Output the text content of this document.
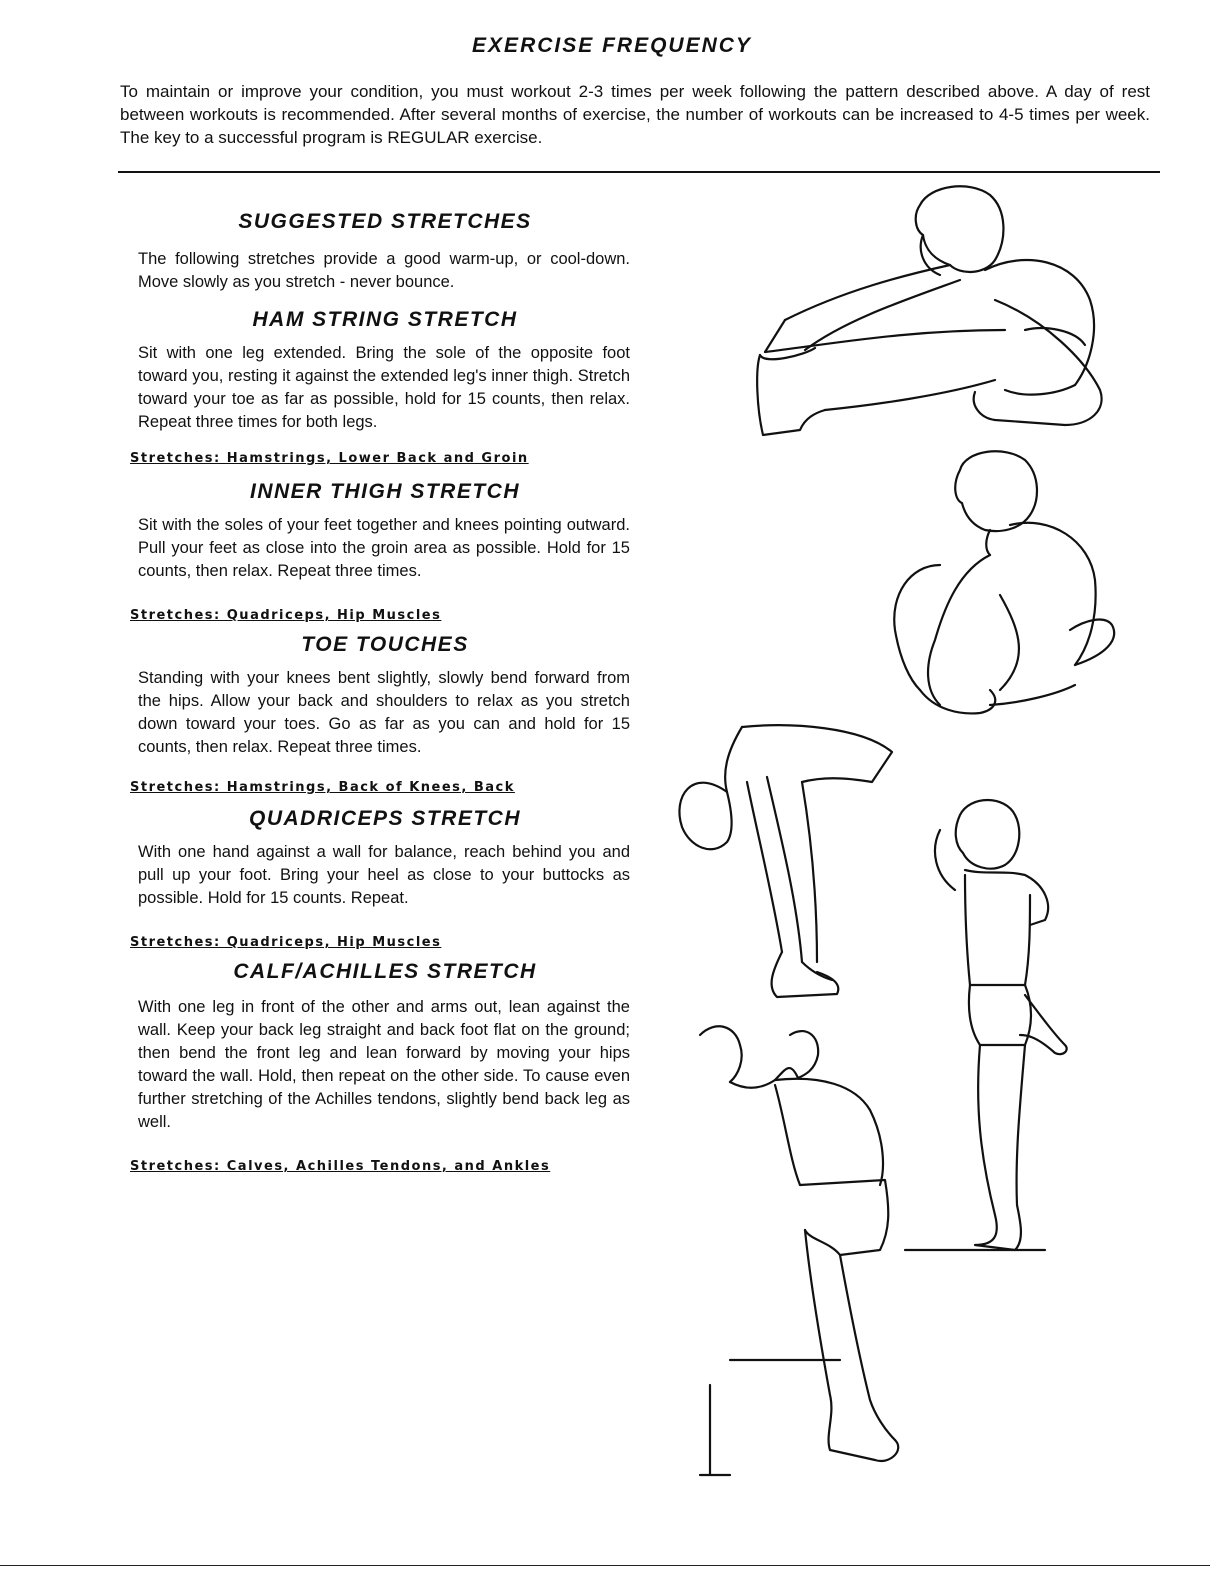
EXERCISE FREQUENCY

To maintain or improve your condition, you must workout 2-3 times per week following the pattern described above. A day of rest between workouts is recommended. After several months of exercise, the number of workouts can be increased to 4-5 times per week. The key to a successful program is REGULAR exercise.

SUGGESTED STRETCHES

The following stretches provide a good warm-up, or cool-down. Move slowly as you stretch - never bounce.

HAM STRING STRETCH

Sit with one leg extended. Bring the sole of the opposite foot toward you, resting it against the extended leg's inner thigh. Stretch toward your toe as far as possible, hold for 15 counts, then relax. Repeat three times for both legs.

Stretches: Hamstrings, Lower Back and Groin

INNER THIGH STRETCH

Sit with the soles of your feet together and knees pointing outward. Pull your feet as close into the groin area as possible. Hold for 15 counts, then relax. Repeat three times.

Stretches: Quadriceps, Hip Muscles

TOE TOUCHES

Standing with your knees bent slightly, slowly bend forward from the hips. Allow your back and shoulders to relax as you stretch down toward your toes. Go as far as you can and hold for 15 counts, then relax. Repeat three times.

Stretches: Hamstrings, Back of Knees, Back

QUADRICEPS STRETCH

With one hand against a wall for balance, reach behind you and pull up your foot. Bring your heel as close to your buttocks as possible. Hold for 15 counts. Repeat.

Stretches: Quadriceps, Hip Muscles

CALF/ACHILLES STRETCH

With one leg in front of the other and arms out, lean against the wall. Keep your back leg straight and back foot flat on the ground; then bend the front leg and lean forward by moving your hips toward the wall. Hold, then repeat on the other side. To cause even further stretching of the Achilles tendons, slightly bend back leg as well.

Stretches: Calves, Achilles Tendons, and Ankles
